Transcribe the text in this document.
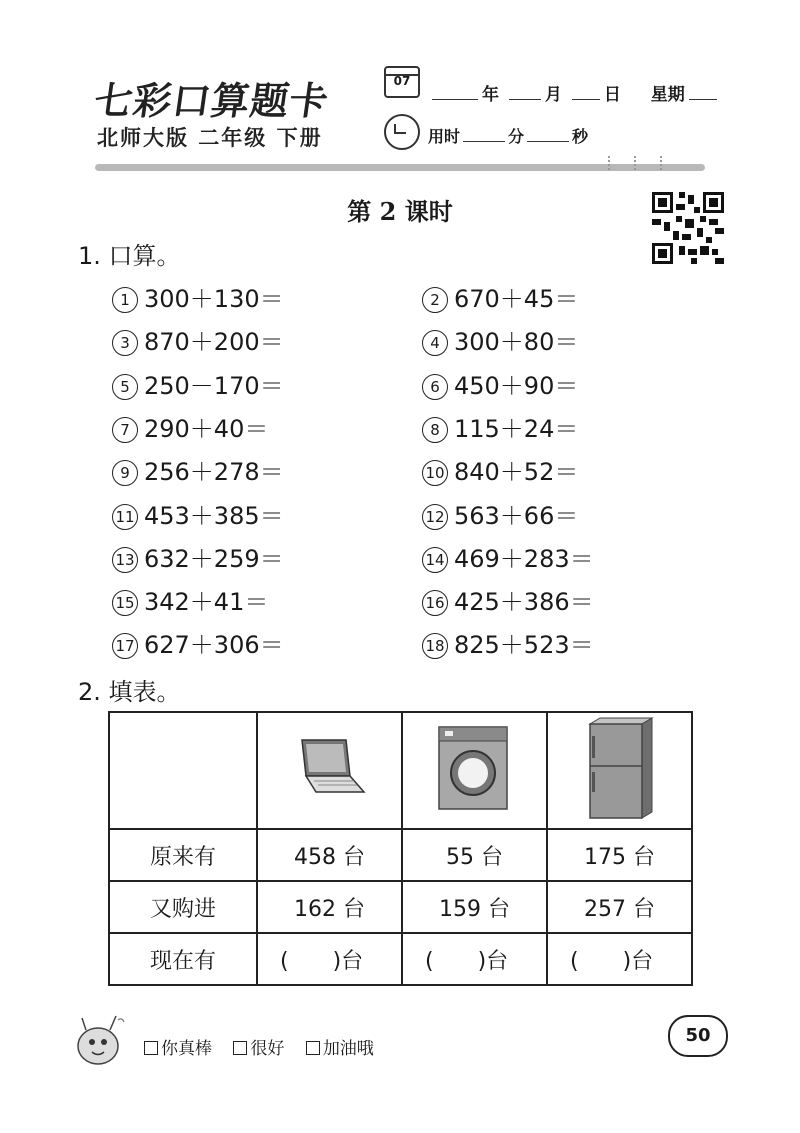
七彩口算题卡
北师大版 二年级 下册
07
年	月 日 星期
用时	分	秒
第 2 课时
1. 口算。
1 300＋130＝	2 670＋45＝
3 870＋200＝	4 300＋80＝
5 250－170＝	6 450＋90＝
7 290＋40＝	8 115＋24＝
9 256＋278＝	10 840＋52＝
11 453＋385＝	12 563＋66＝
13 632＋259＝	14 469＋283＝
15 342＋41＝	16 425＋386＝
17 627＋306＝	18 825＋523＝
2. 填表。

原来有	458 台	55 台	175 台
又购进	162 台	159 台	257 台
现在有	(　　)台	(　　)台	(　　)台
你真棒 很好 加油哦
50
